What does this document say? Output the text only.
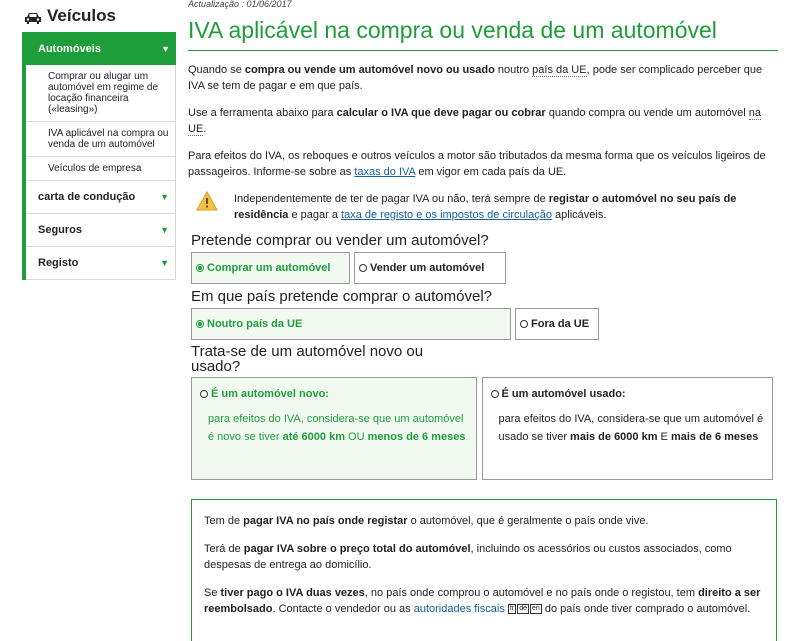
Veículos
Automóveis	▼
Comprar ou alugar um automóvel em regime de locação financeira («leasing»)
IVA aplicável na compra ou venda de um automóvel
Veículos de empresa
carta de condução	▼
Seguros	▼
Registo	▼
Actualização : 01/06/2017
IVA aplicável na compra ou venda de um automóvel

Quando se compra ou vende um automóvel novo ou usado noutro país da UE, pode ser complicado perceber que IVA se tem de pagar e em que país.

Use a ferramenta abaixo para calcular o IVA que deve pagar ou cobrar quando compra ou vende um automóvel na UE.

Para efeitos do IVA, os reboques e outros veículos a motor são tributados da mesma forma que os veículos ligeiros de passageiros. Informe-se sobre as taxas do IVA em vigor em cada país da UE.

Independentemente de ter de pagar IVA ou não, terá sempre de registar o automóvel no seu país de residência e pagar a taxa de registo e os impostos de circulação aplicáveis.

Pretende comprar ou vender um automóvel?
Comprar um automóvel	Vender um automóvel
Em que país pretende comprar o automóvel?
Noutro país da UE	Fora da UE
Trata-se de um automóvel novo ou usado?
É um automóvel novo:
para efeitos do IVA, considera-se que um automóvel é novo se tiver até 6000 km OU menos de 6 meses
É um automóvel usado:
para efeitos do IVA, considera-se que um automóvel é usado se tiver mais de 6000 km E mais de 6 meses

Tem de pagar IVA no país onde registar o automóvel, que é geralmente o país onde vive.

Terá de pagar IVA sobre o preço total do automóvel, incluindo os acessórios ou custos associados, como despesas de entrega ao domicílio.

Se tiver pago o IVA duas vezes, no país onde comprou o automóvel e no país onde o registou, tem direito a ser reembolsado. Contacte o vendedor ou as autoridades fiscais fr de en do país onde tiver comprado o automóvel.
